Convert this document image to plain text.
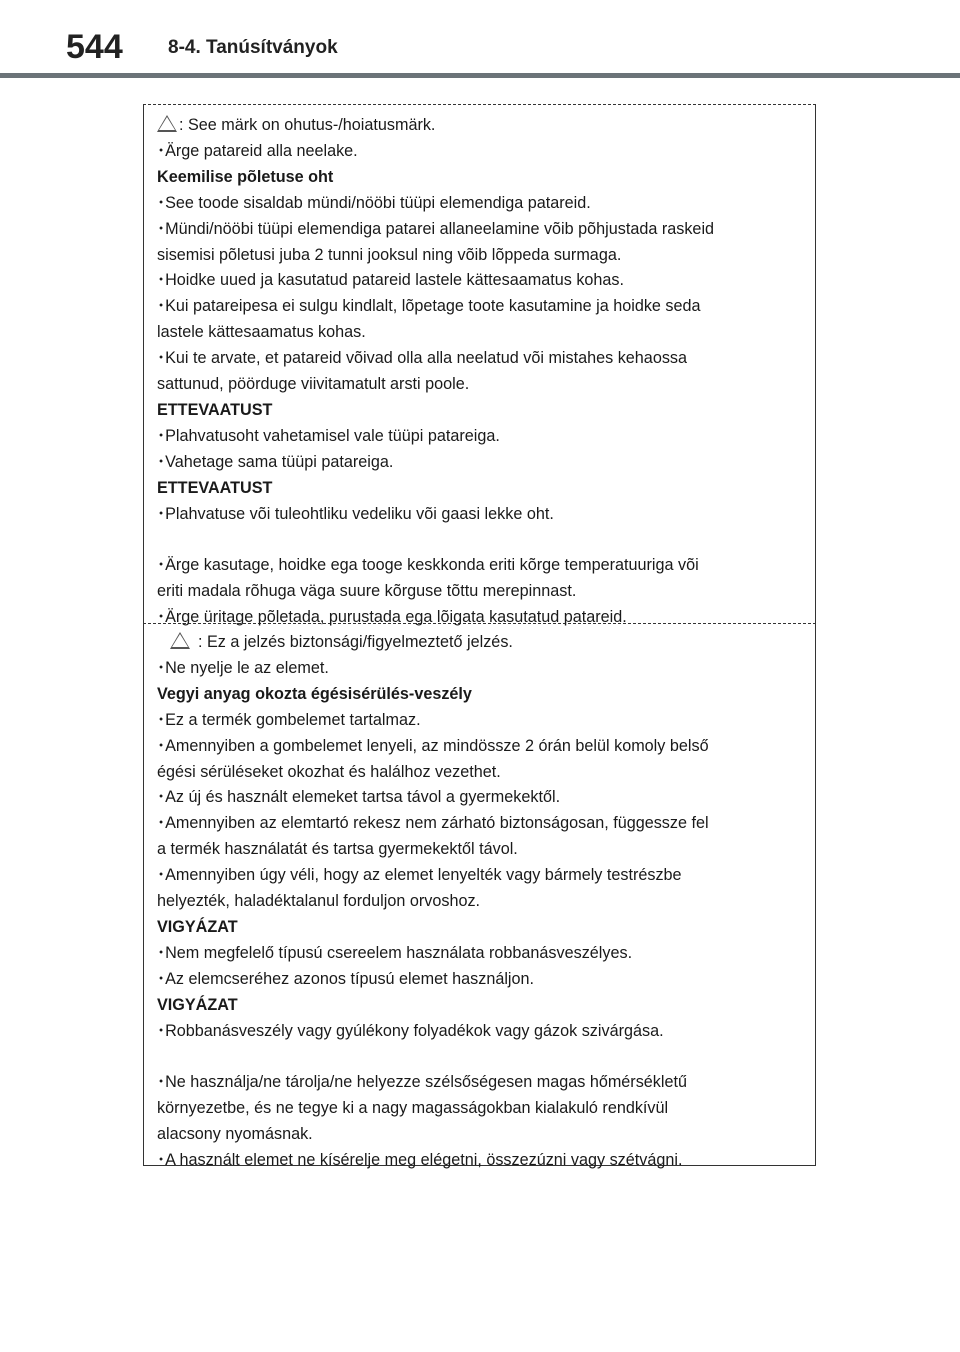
544 8-4. Tanúsítványok

: See märk on ohutus-/hoiatusmärk.

･Ärge patareid alla neelake.

Keemilise põletuse oht

･See toode sisaldab mündi/nööbi tüüpi elemendiga patareid.

･Mündi/nööbi tüüpi elemendiga patarei allaneelamine võib põhjustada raskeid

sisemisi põletusi juba 2 tunni jooksul ning võib lõppeda surmaga.

･Hoidke uued ja kasutatud patareid lastele kättesaamatus kohas.

･Kui patareipesa ei sulgu kindlalt, lõpetage toote kasutamine ja hoidke seda

lastele kättesaamatus kohas.

･Kui te arvate, et patareid võivad olla alla neelatud või mistahes kehaossa

sattunud, pöörduge viivitamatult arsti poole.

ETTEVAATUST

･Plahvatusoht vahetamisel vale tüüpi patareiga.

･Vahetage sama tüüpi patareiga.

ETTEVAATUST

･Plahvatuse või tuleohtliku vedeliku või gaasi lekke oht.

･Ärge kasutage, hoidke ega tooge keskkonda eriti kõrge temperatuuriga või

eriti madala rõhuga väga suure kõrguse tõttu merepinnast.

･Ärge üritage põletada, purustada ega lõigata kasutatud patareid.

: Ez a jelzés biztonsági/figyelmeztető jelzés.

･Ne nyelje le az elemet.

Vegyi anyag okozta égésisérülés-veszély

･Ez a termék gombelemet tartalmaz.

･Amennyiben a gombelemet lenyeli, az mindössze 2 órán belül komoly belső

égési sérüléseket okozhat és halálhoz vezethet.

･Az új és használt elemeket tartsa távol a gyermekektől.

･Amennyiben az elemtartó rekesz nem zárható biztonságosan, függessze fel

a termék használatát és tartsa gyermekektől távol.

･Amennyiben úgy véli, hogy az elemet lenyelték vagy bármely testrészbe

helyezték, haladéktalanul forduljon orvoshoz.

VIGYÁZAT

･Nem megfelelő típusú csereelem használata robbanásveszélyes.

･Az elemcseréhez azonos típusú elemet használjon.

VIGYÁZAT

･Robbanásveszély vagy gyúlékony folyadékok vagy gázok szivárgása.

･Ne használja/ne tárolja/ne helyezze szélsőségesen magas hőmérsékletű

környezetbe, és ne tegye ki a nagy magasságokban kialakuló rendkívül

alacsony nyomásnak.

･A használt elemet ne kísérelje meg elégetni, összezúzni vagy szétvágni.
